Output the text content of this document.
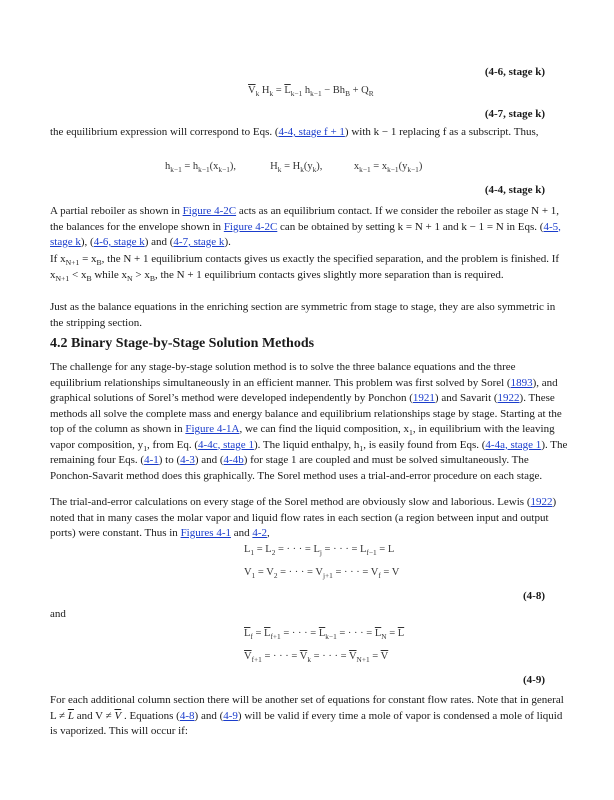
(4-6, stage k)
$\overline{V}_k$ $H_k = \overline{L}_{k-1}$ $h_{k-1} - Bh_B + Q_R$
(4-7, stage k)

the equilibrium expression will correspond to Eqs. (4-4, stage f + 1) with k − 1 replacing f as a subscript. Thus,

$h_{k-1} = h_{k-1}(x_{k-1})$,             $H_k = H_k(y_k)$,            $x_{k-1} = x_{k-1}(y_{k-1})$
(4-4, stage k)

A partial reboiler as shown in Figure 4-2C acts as an equilibrium contact. If we consider the reboiler as stage N + 1, the balances for the envelope shown in Figure 4-2C can be obtained by setting k = N + 1 and k − 1 = N in Eqs. (4-5, stage k), (4-6, stage k) and (4-7, stage k).

If $x_{N+1} = x_B$, the N + 1 equilibrium contacts gives us exactly the specified separation, and the problem is finished. If $x_{N+1} < x_B$ while $x_N > x_B$, the N + 1 equilibrium contacts gives slightly more separation than is required.

Just as the balance equations in the enriching section are symmetric from stage to stage, they are also symmetric in the stripping section.

4.2 Binary Stage-by-Stage Solution Methods

The challenge for any stage-by-stage solution method is to solve the three balance equations and the three equilibrium relationships simultaneously in an efficient manner. This problem was first solved by Sorel (1893), and graphical solutions of Sorel’s method were developed independently by Ponchon (1921) and Savarit (1922). These methods all solve the complete mass and energy balance and equilibrium relationships stage by stage. Starting at the top of the column as shown in Figure 4-1A, we can find the liquid composition, $x_1$, in equilibrium with the leaving vapor composition, $y_1$, from Eq. (4-4c, stage 1). The liquid enthalpy, $h_1$, is easily found from Eqs. (4-4a, stage 1). The remaining four Eqs. (4-1) to (4-3) and (4-4b) for stage 1 are coupled and must be solved simultaneously. The Ponchon-Savarit method does this graphically. The Sorel method uses a trial-and-error procedure on each stage.

The trial-and-error calculations on every stage of the Sorel method are obviously slow and laborious. Lewis (1922) noted that in many cases the molar vapor and liquid flow rates in each section (a region between input and output ports) were constant. Thus in Figures 4-1 and 4-2,

$L_1 = L_2$ = · · · = $L_j$ = · · · = $L_{f-1} = L$
$V_1 = V_2$ = · · · = $V_{j+1}$ = · · · = $V_f = V$
(4-8)
and
$\overline{L}_f = \overline{L}_{f+1}$ = · · · = $\overline{L}_{k-1}$ = · · · = $\overline{L}_N = \overline{L}$
$\overline{V}_{f+1}$ = · · · = $\overline{V}_k$ = · · · = $\overline{V}_{N+1} = \overline{V}$
(4-9)

For each additional column section there will be another set of equations for constant flow rates. Note that in general $L \ne \overline{L}$ and $V \ne \overline{V}$ . Equations (4-8) and (4-9) will be valid if every time a mole of vapor is condensed a mole of liquid is vaporized. This will occur if:
